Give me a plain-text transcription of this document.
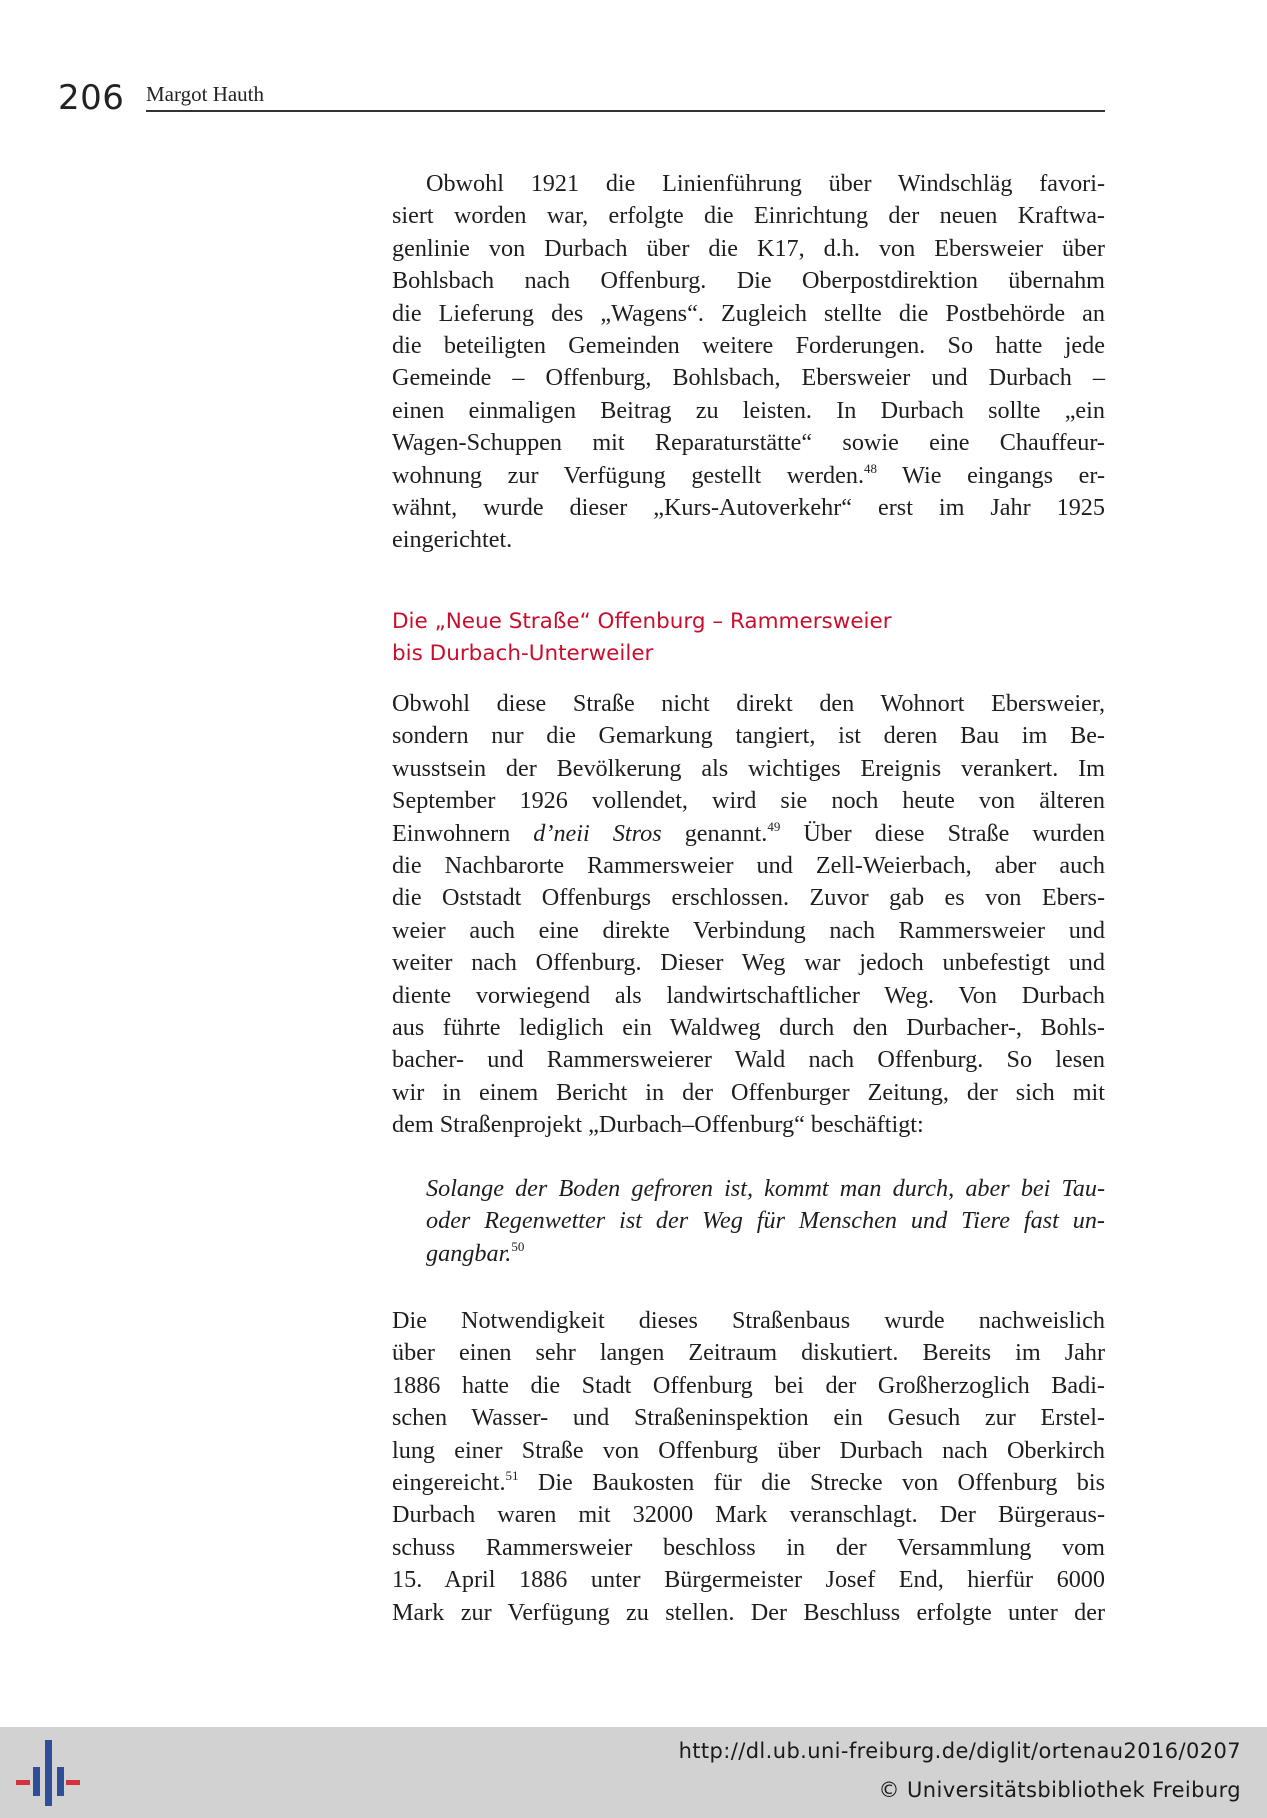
206 Margot Hauth
Obwohl 1921 die Linienführung über Windschläg favori-
siert worden war, erfolgte die Einrichtung der neuen Kraftwa-
genlinie von Durbach über die K17, d.h. von Ebersweier über
Bohlsbach nach Offenburg. Die Oberpostdirektion übernahm
die Lieferung des „Wagens“. Zugleich stellte die Postbehörde an
die beteiligten Gemeinden weitere Forderungen. So hatte jede
Gemeinde – Offenburg, Bohlsbach, Ebersweier und Durbach –
einen einmaligen Beitrag zu leisten. In Durbach sollte „ein
Wagen-Schuppen mit Reparaturstätte“ sowie eine Chauffeur-
wohnung zur Verfügung gestellt werden.$^{48}$ Wie eingangs er-
wähnt, wurde dieser „Kurs-Autoverkehr“ erst im Jahr 1925
eingerichtet.
Die „Neue Straße“ Offenburg – Rammersweier
bis Durbach-Unterweiler
Obwohl diese Straße nicht direkt den Wohnort Ebersweier,
sondern nur die Gemarkung tangiert, ist deren Bau im Be-
wusstsein der Bevölkerung als wichtiges Ereignis verankert. Im
September 1926 vollendet, wird sie noch heute von älteren
Einwohnern d’neii Stros genannt.$^{49}$ Über diese Straße wurden
die Nachbarorte Rammersweier und Zell-Weierbach, aber auch
die Oststadt Offenburgs erschlossen. Zuvor gab es von Ebers-
weier auch eine direkte Verbindung nach Rammersweier und
weiter nach Offenburg. Dieser Weg war jedoch unbefestigt und
diente vorwiegend als landwirtschaftlicher Weg. Von Durbach
aus führte lediglich ein Waldweg durch den Durbacher-, Bohls-
bacher- und Rammersweierer Wald nach Offenburg. So lesen
wir in einem Bericht in der Offenburger Zeitung, der sich mit
dem Straßenprojekt „Durbach–Offenburg“ beschäftigt:
Solange der Boden gefroren ist, kommt man durch, aber bei Tau-
oder Regenwetter ist der Weg für Menschen und Tiere fast un-
gangbar.$^{50}$
Die Notwendigkeit dieses Straßenbaus wurde nachweislich
über einen sehr langen Zeitraum diskutiert. Bereits im Jahr
1886 hatte die Stadt Offenburg bei der Großherzoglich Badi-
schen Wasser- und Straßeninspektion ein Gesuch zur Erstel-
lung einer Straße von Offenburg über Durbach nach Oberkirch
eingereicht.$^{51}$ Die Baukosten für die Strecke von Offenburg bis
Durbach waren mit 32000 Mark veranschlagt. Der Bürgeraus-
schuss Rammersweier beschloss in der Versammlung vom
15. April 1886 unter Bürgermeister Josef End, hierfür 6000
Mark zur Verfügung zu stellen. Der Beschluss erfolgte unter der
http://dl.ub.uni-freiburg.de/diglit/ortenau2016/0207
© Universitätsbibliothek Freiburg
